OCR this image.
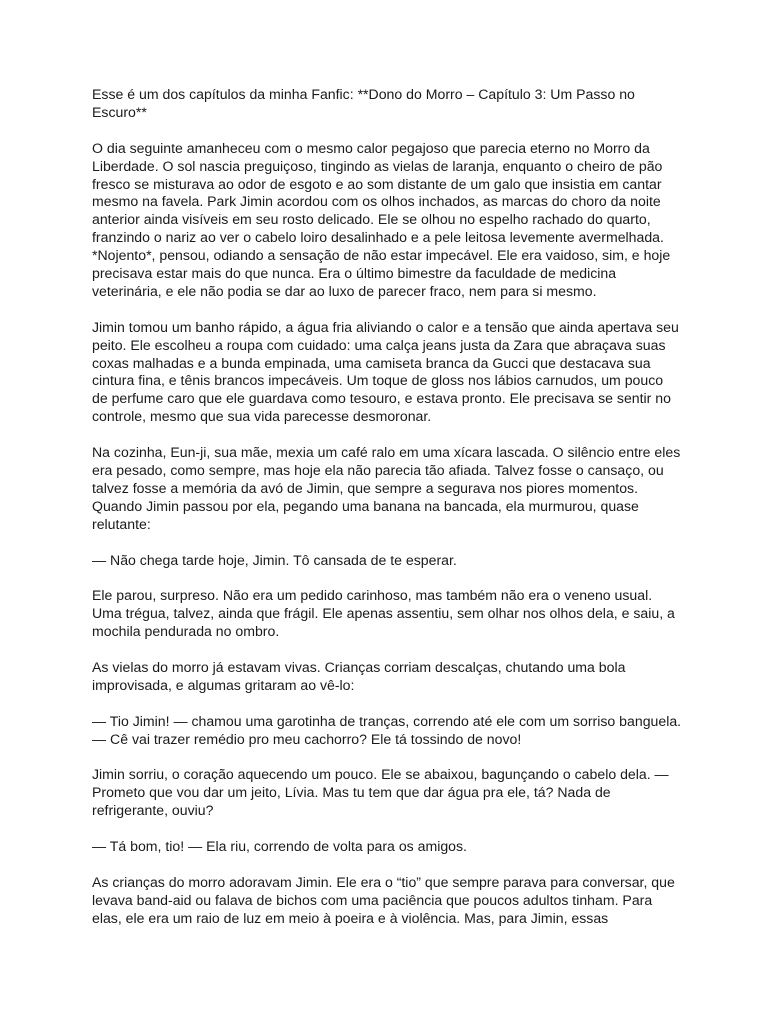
Esse é um dos capítulos da minha Fanfic: **Dono do Morro – Capítulo 3: Um Passo no Escuro**

O dia seguinte amanheceu com o mesmo calor pegajoso que parecia eterno no Morro da Liberdade. O sol nascia preguiçoso, tingindo as vielas de laranja, enquanto o cheiro de pão fresco se misturava ao odor de esgoto e ao som distante de um galo que insistia em cantar mesmo na favela. Park Jimin acordou com os olhos inchados, as marcas do choro da noite anterior ainda visíveis em seu rosto delicado. Ele se olhou no espelho rachado do quarto, franzindo o nariz ao ver o cabelo loiro desalinhado e a pele leitosa levemente avermelhada. *Nojento*, pensou, odiando a sensação de não estar impecável. Ele era vaidoso, sim, e hoje precisava estar mais do que nunca. Era o último bimestre da faculdade de medicina veterinária, e ele não podia se dar ao luxo de parecer fraco, nem para si mesmo.

Jimin tomou um banho rápido, a água fria aliviando o calor e a tensão que ainda apertava seu peito. Ele escolheu a roupa com cuidado: uma calça jeans justa da Zara que abraçava suas coxas malhadas e a bunda empinada, uma camiseta branca da Gucci que destacava sua cintura fina, e tênis brancos impecáveis. Um toque de gloss nos lábios carnudos, um pouco de perfume caro que ele guardava como tesouro, e estava pronto. Ele precisava se sentir no controle, mesmo que sua vida parecesse desmoronar.

Na cozinha, Eun-ji, sua mãe, mexia um café ralo em uma xícara lascada. O silêncio entre eles era pesado, como sempre, mas hoje ela não parecia tão afiada. Talvez fosse o cansaço, ou talvez fosse a memória da avó de Jimin, que sempre a segurava nos piores momentos. Quando Jimin passou por ela, pegando uma banana na bancada, ela murmurou, quase relutante:

— Não chega tarde hoje, Jimin. Tô cansada de te esperar.

Ele parou, surpreso. Não era um pedido carinhoso, mas também não era o veneno usual. Uma trégua, talvez, ainda que frágil. Ele apenas assentiu, sem olhar nos olhos dela, e saiu, a mochila pendurada no ombro.

As vielas do morro já estavam vivas. Crianças corriam descalças, chutando uma bola improvisada, e algumas gritaram ao vê-lo:

— Tio Jimin! — chamou uma garotinha de tranças, correndo até ele com um sorriso banguela. — Cê vai trazer remédio pro meu cachorro? Ele tá tossindo de novo!

Jimin sorriu, o coração aquecendo um pouco. Ele se abaixou, bagunçando o cabelo dela. — Prometo que vou dar um jeito, Lívia. Mas tu tem que dar água pra ele, tá? Nada de refrigerante, ouviu?

— Tá bom, tio! — Ela riu, correndo de volta para os amigos.

As crianças do morro adoravam Jimin. Ele era o “tio” que sempre parava para conversar, que levava band-aid ou falava de bichos com uma paciência que poucos adultos tinham. Para elas, ele era um raio de luz em meio à poeira e à violência. Mas, para Jimin, essas
